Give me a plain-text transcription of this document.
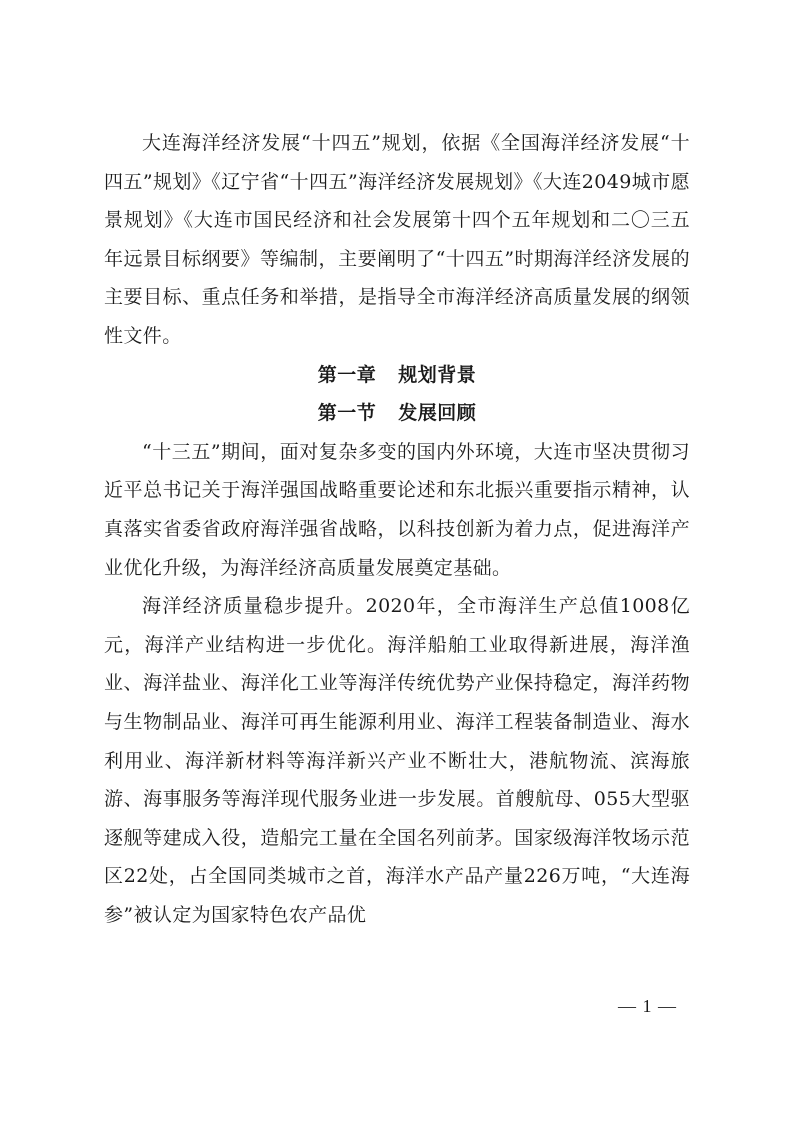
大连海洋经济发展“十四五”规划，依据《全国海洋经济发展“十四五”规划》《辽宁省“十四五”海洋经济发展规划》《大连2049城市愿景规划》《大连市国民经济和社会发展第十四个五年规划和二〇三五年远景目标纲要》等编制，主要阐明了“十四五”时期海洋经济发展的主要目标、重点任务和举措，是指导全市海洋经济高质量发展的纲领性文件。

第一章 规划背景

第一节 发展回顾

“十三五”期间，面对复杂多变的国内外环境，大连市坚决贯彻习近平总书记关于海洋强国战略重要论述和东北振兴重要指示精神，认真落实省委省政府海洋强省战略，以科技创新为着力点，促进海洋产业优化升级，为海洋经济高质量发展奠定基础。

海洋经济质量稳步提升。2020年，全市海洋生产总值1008亿元，海洋产业结构进一步优化。海洋船舶工业取得新进展，海洋渔业、海洋盐业、海洋化工业等海洋传统优势产业保持稳定，海洋药物与生物制品业、海洋可再生能源利用业、海洋工程装备制造业、海水利用业、海洋新材料等海洋新兴产业不断壮大，港航物流、滨海旅游、海事服务等海洋现代服务业进一步发展。首艘航母、055大型驱逐舰等建成入役，造船完工量在全国名列前茅。国家级海洋牧场示范区22处，占全国同类城市之首，海洋水产品产量226万吨，“大连海参”被认定为国家特色农产品优

— 1 —
